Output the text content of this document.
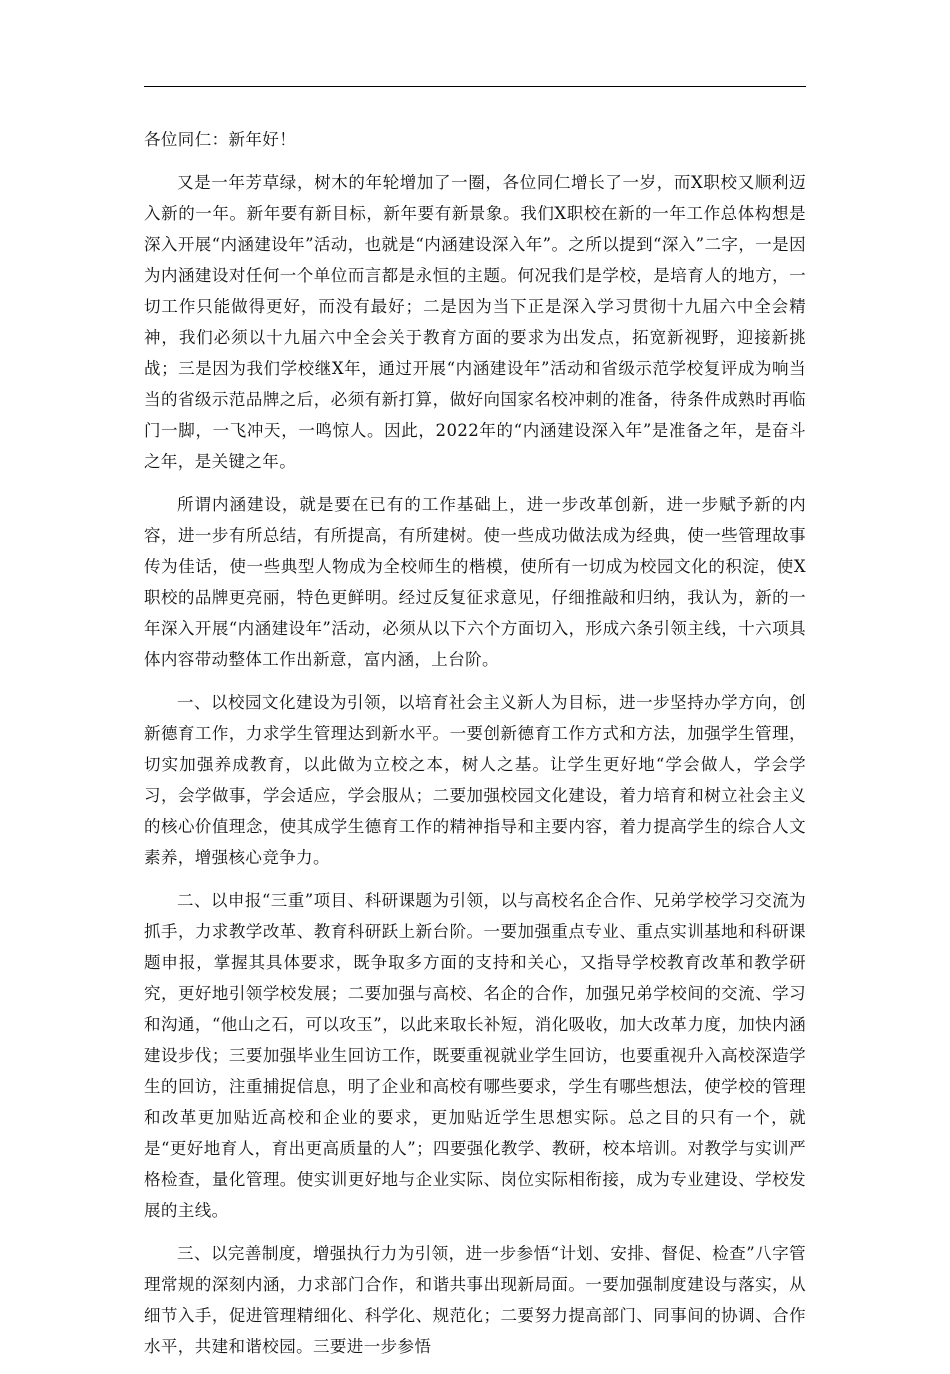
各位同仁：新年好！

又是一年芳草绿，树木的年轮增加了一圈，各位同仁增长了一岁，而X职校又顺利迈入新的一年。新年要有新目标，新年要有新景象。我们X职校在新的一年工作总体构想是深入开展“内涵建设年”活动，也就是“内涵建设深入年”。之所以提到“深入”二字，一是因为内涵建设对任何一个单位而言都是永恒的主题。何况我们是学校，是培育人的地方，一切工作只能做得更好，而没有最好；二是因为当下正是深入学习贯彻十九届六中全会精神，我们必须以十九届六中全会关于教育方面的要求为出发点，拓宽新视野，迎接新挑战；三是因为我们学校继X年，通过开展“内涵建设年”活动和省级示范学校复评成为响当当的省级示范品牌之后，必须有新打算，做好向国家名校冲刺的准备，待条件成熟时再临门一脚，一飞冲天，一鸣惊人。因此，2022年的“内涵建设深入年”是准备之年，是奋斗之年，是关键之年。

所谓内涵建设，就是要在已有的工作基础上，进一步改革创新，进一步赋予新的内容，进一步有所总结，有所提高，有所建树。使一些成功做法成为经典，使一些管理故事传为佳话，使一些典型人物成为全校师生的楷模，使所有一切成为校园文化的积淀，使X职校的品牌更亮丽，特色更鲜明。经过反复征求意见，仔细推敲和归纳，我认为，新的一年深入开展“内涵建设年”活动，必须从以下六个方面切入，形成六条引领主线，十六项具体内容带动整体工作出新意，富内涵，上台阶。

一、以校园文化建设为引领，以培育社会主义新人为目标，进一步坚持办学方向，创新德育工作，力求学生管理达到新水平。一要创新德育工作方式和方法，加强学生管理，切实加强养成教育，以此做为立校之本，树人之基。让学生更好地“学会做人，学会学习，会学做事，学会适应，学会服从；二要加强校园文化建设，着力培育和树立社会主义的核心价值理念，使其成学生德育工作的精神指导和主要内容，着力提高学生的综合人文素养，增强核心竞争力。

二、以申报“三重”项目、科研课题为引领，以与高校名企合作、兄弟学校学习交流为抓手，力求教学改革、教育科研跃上新台阶。一要加强重点专业、重点实训基地和科研课题申报，掌握其具体要求，既争取多方面的支持和关心，又指导学校教育改革和教学研究，更好地引领学校发展；二要加强与高校、名企的合作，加强兄弟学校间的交流、学习和沟通，“他山之石，可以攻玉”，以此来取长补短，消化吸收，加大改革力度，加快内涵建设步伐；三要加强毕业生回访工作，既要重视就业学生回访，也要重视升入高校深造学生的回访，注重捕捉信息，明了企业和高校有哪些要求，学生有哪些想法，使学校的管理和改革更加贴近高校和企业的要求，更加贴近学生思想实际。总之目的只有一个，就是“更好地育人，育出更高质量的人”；四要强化教学、教研，校本培训。对教学与实训严格检查，量化管理。使实训更好地与企业实际、岗位实际相衔接，成为专业建设、学校发展的主线。

三、以完善制度，增强执行力为引领，进一步参悟“计划、安排、督促、检查”八字管理常规的深刻内涵，力求部门合作，和谐共事出现新局面。一要加强制度建设与落实，从细节入手，促进管理精细化、科学化、规范化；二要努力提高部门、同事间的协调、合作水平，共建和谐校园。三要进一步参悟
